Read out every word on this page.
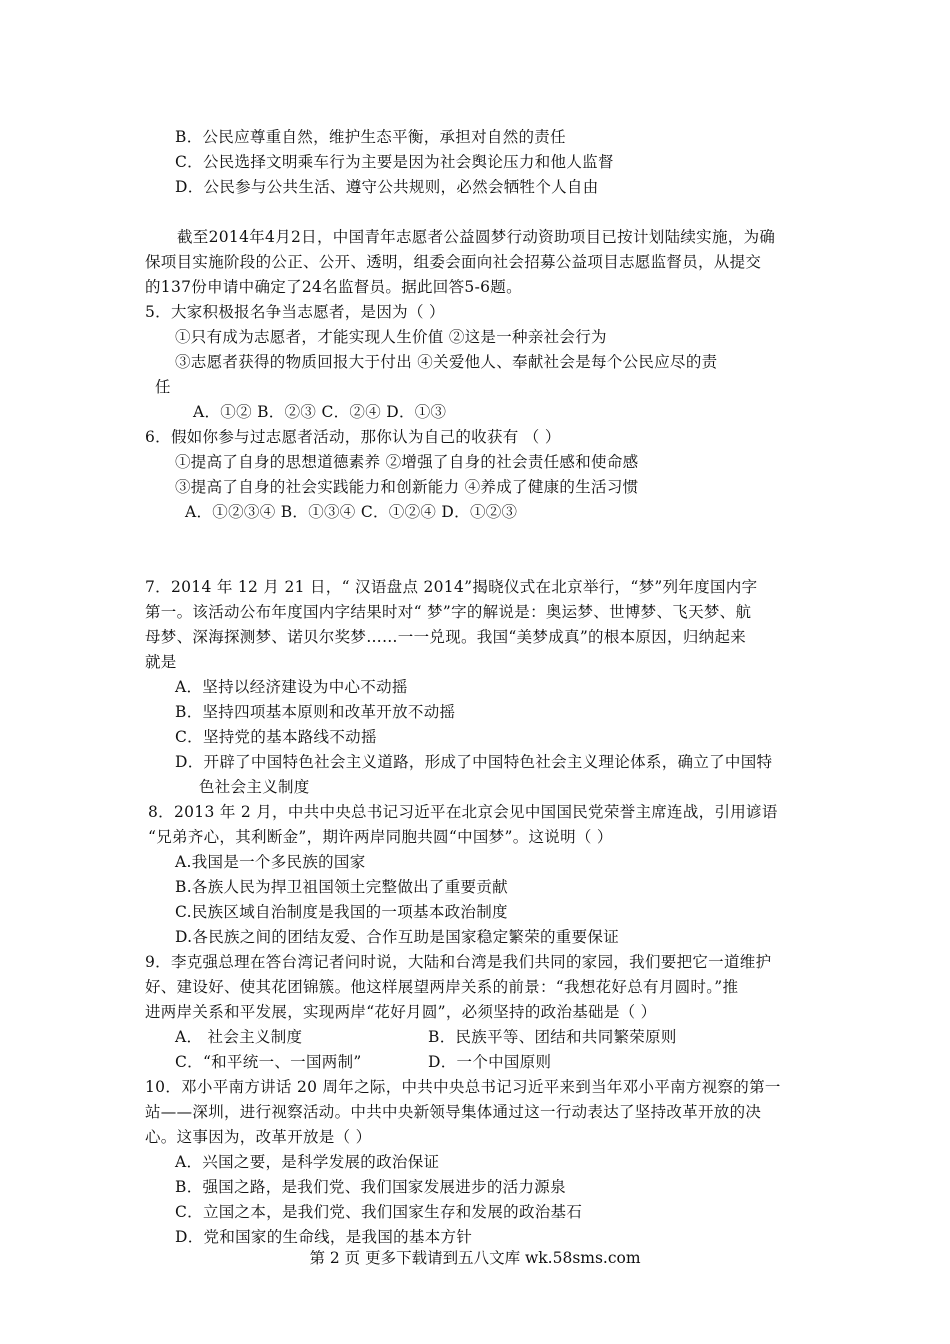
B．公民应尊重自然，维护生态平衡，承担对自然的责任
C．公民选择文明乘车行为主要是因为社会舆论压力和他人监督
D．公民参与公共生活、遵守公共规则，必然会牺牲个人自由
截至2014年4月2日，中国青年志愿者公益圆梦行动资助项目已按计划陆续实施，为确
保项目实施阶段的公正、公开、透明，组委会面向社会招募公益项目志愿监督员，从提交
的137份申请中确定了24名监督员。据此回答5-6题。
5．大家积极报名争当志愿者，是因为（ ）
①只有成为志愿者，才能实现人生价值 ②这是一种亲社会行为
③志愿者获得的物质回报大于付出 ④关爱他人、奉献社会是每个公民应尽的责
任
A．①② B．②③ C．②④ D．①③
6．假如你参与过志愿者活动，那你认为自己的收获有 （ ）
①提高了自身的思想道德素养 ②增强了自身的社会责任感和使命感
③提高了自身的社会实践能力和创新能力 ④养成了健康的生活习惯
A．①②③④ B．①③④ C．①②④ D．①②③
7．2014 年 12 月 21 日，“ 汉语盘点 2014”揭晓仪式在北京举行，“梦”列年度国内字
第一。该活动公布年度国内字结果时对“ 梦”字的解说是：奥运梦、世博梦、飞天梦、航
母梦、深海探测梦、诺贝尔奖梦……一一兑现。我国“美梦成真”的根本原因，归纳起来
就是
A．坚持以经济建设为中心不动摇
B．坚持四项基本原则和改革开放不动摇
C．坚持党的基本路线不动摇
D．开辟了中国特色社会主义道路，形成了中国特色社会主义理论体系，确立了中国特
色社会主义制度
8．2013 年 2 月，中共中央总书记习近平在北京会见中国国民党荣誉主席连战，引用谚语
“兄弟齐心，其利断金”，期许两岸同胞共圆“中国梦”。这说明（ ）
A.我国是一个多民族的国家
B.各族人民为捍卫祖国领土完整做出了重要贡献
C.民族区域自治制度是我国的一项基本政治制度
D.各民族之间的团结友爱、合作互助是国家稳定繁荣的重要保证
9．李克强总理在答台湾记者问时说，大陆和台湾是我们共同的家园，我们要把它一道维护
好、建设好、使其花团锦簇。他这样展望两岸关系的前景：“我想花好总有月圆时。”推
进两岸关系和平发展，实现两岸“花好月圆”，必须坚持的政治基础是（ ）
A． 社会主义制度	B．民族平等、团结和共同繁荣原则
C．“和平统一、一国两制”	D．一个中国原则
10．邓小平南方讲话 20 周年之际，中共中央总书记习近平来到当年邓小平南方视察的第一
站——深圳，进行视察活动。中共中央新领导集体通过这一行动表达了坚持改革开放的决
心。这事因为，改革开放是（ ）
A．兴国之要，是科学发展的政治保证
B．强国之路，是我们党、我们国家发展进步的活力源泉
C．立国之本，是我们党、我们国家生存和发展的政治基石
D．党和国家的生命线，是我国的基本方针
第 2 页 更多下载请到五八文库 wk.58sms.com
